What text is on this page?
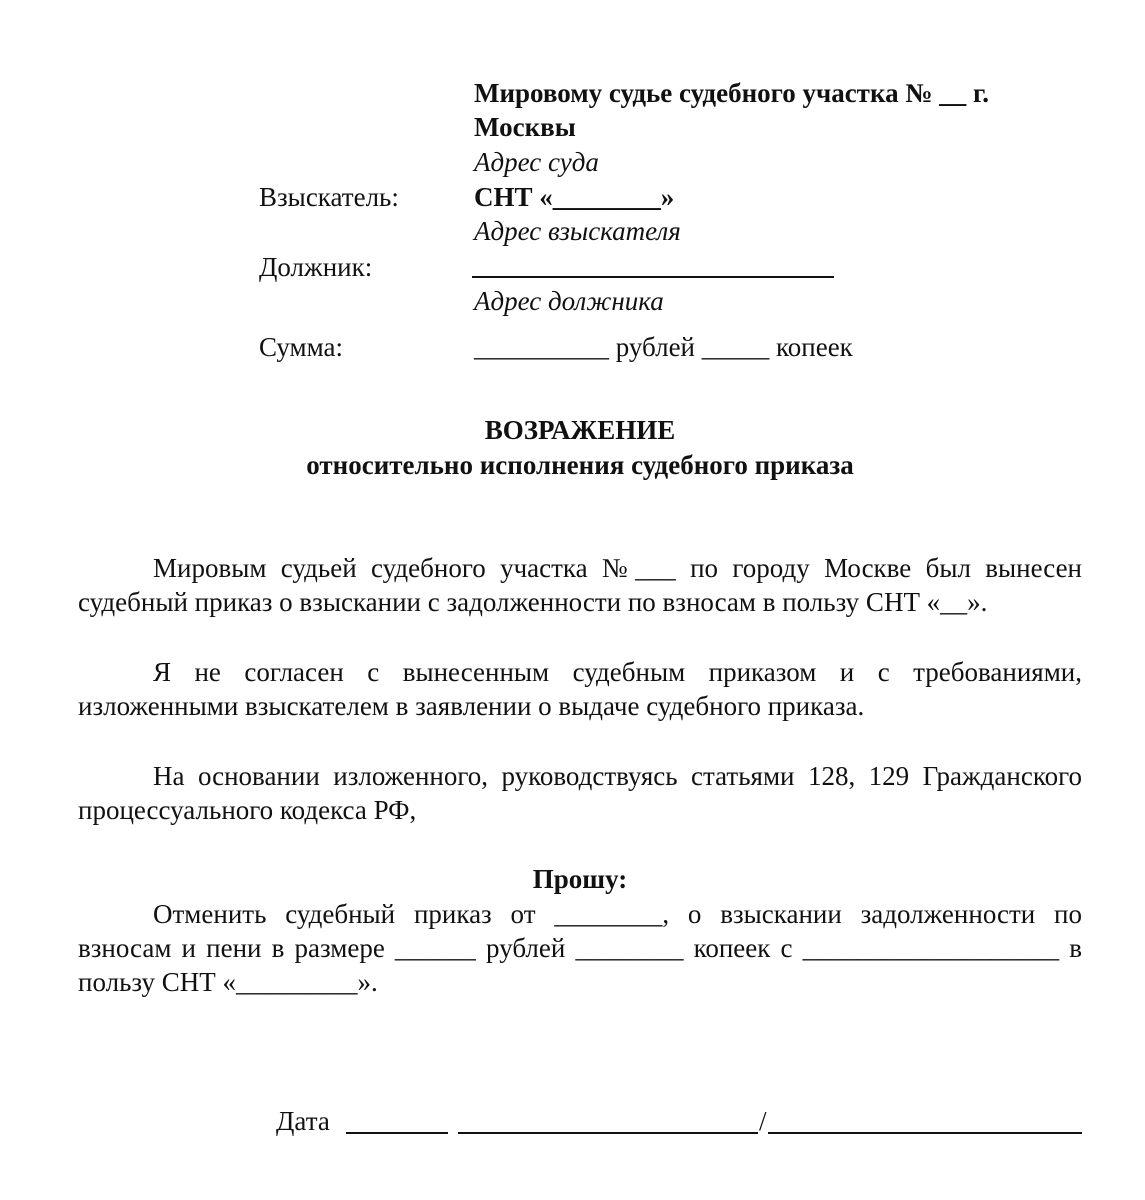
Мировому судье судебного участка № __ г.
Москвы
Адрес суда
Взыскатель:	СНТ «________»
Адрес взыскателя
Должник:
Адрес должника
Сумма:	__________ рублей _____ копеек
ВОЗРАЖЕНИЕ
относительно исполнения судебного приказа
Мировым судьей судебного участка №___ по городу Москве был вынесен судебный приказ о взыскании с задолженности по взносам в пользу СНТ «__».
Я не согласен с вынесенным судебным приказом и с требованиями, изложенными взыскателем в заявлении о выдаче судебного приказа.
На основании изложенного, руководствуясь статьями 128, 129 Гражданского процессуального кодекса РФ,
Прошу:
Отменить судебный приказ от ________, о взыскании задолженности по взносам и пени в размере ______ рублей ________ копеек с ___________________ в пользу СНТ «_________».
Дата	/
